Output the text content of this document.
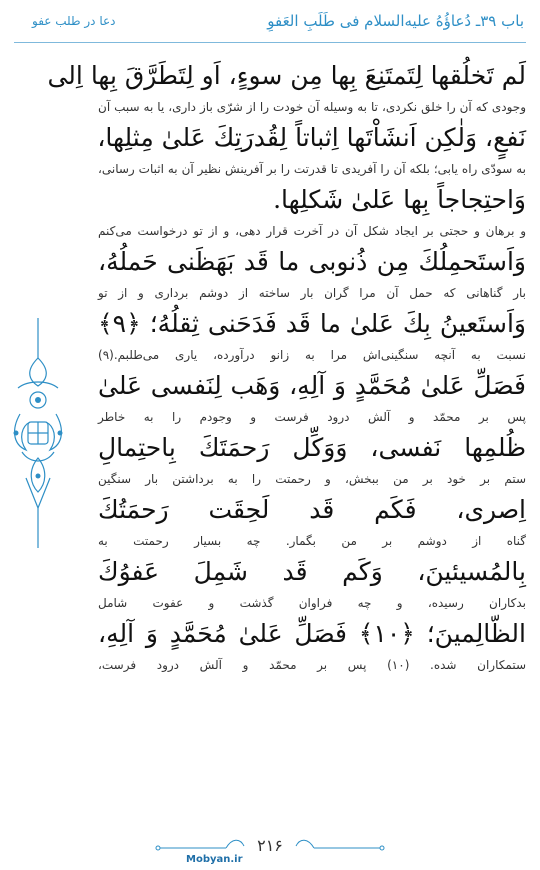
باب ۳۹ـ دُعاؤُهُ عليه‌السلام فى طَلَبِ العَفوِ
دعا در طلب عفو
لَم تَخلُقها لِتَمتَنِعَ بِها مِن سوءٍ، اَو لِتَطَرَّقَ بِها اِلى
وجودى كه آن را خلق نكردى، تا به وسيله آن خودت را از شرّى باز دارى، يا به سبب آن
نَفعٍ، وَلٰكِن اَنشَاْتَها اِثباتاً لِقُدرَتِكَ عَلىٰ مِثلِها،
به سودّى راه يابى؛ بلكه آن را آفريدى تا قدرتت را بر آفرينش نظير آن به اثبات رسانى،
وَاحتِجاجاً بِها عَلىٰ شَكلِها.
و برهان و حجتى بر ايجاد شكل آن در آخرت قرار دهى، و از تو درخواست مى‌كنم
وَاَستَحمِلُكَ مِن ذُنوبى ما قَد بَهَظَنى حَملُهُ،
بار گناهانى كه حمل آن مرا گران بار ساخته از دوشم بردارى و از تو
وَاَستَعينُ بِكَ عَلىٰ ما قَد فَدَحَنى ثِقلُهُ؛ ﴿۹﴾
نسبت به آنچه سنگينى‌اش مرا به زانو درآورده، يارى مى‌طلبم.(۹)
فَصَلِّ عَلىٰ مُحَمَّدٍ وَ آلِهِ، وَهَب لِنَفسى عَلىٰ
پس بر محمّد و آلش درود فرست و وجودم را به خاطر
ظُلمِها نَفسى، وَوَكِّل رَحمَتَكَ بِاحتِمالِ
ستم بر خود بر من ببخش، و رحمتت را به برداشتن بار سنگين
اِصرى، فَكَم قَد لَحِقَت رَحمَتُكَ
گناه از دوشم بر من بگمار. چه بسيار رحمتت به
بِالمُسيئينَ، وَكَم قَد شَمِلَ عَفوُكَ
بدكاران رسيده، و چه فراوان گذشت و عفوت شامل
الظّالِمينَ؛ ﴿۱۰﴾ فَصَلِّ عَلىٰ مُحَمَّدٍ وَ آلِهِ،
ستمكاران شده. (۱۰) پس بر محمّد و آلش درود فرست،
۲۱۶
Mobyan.ir
